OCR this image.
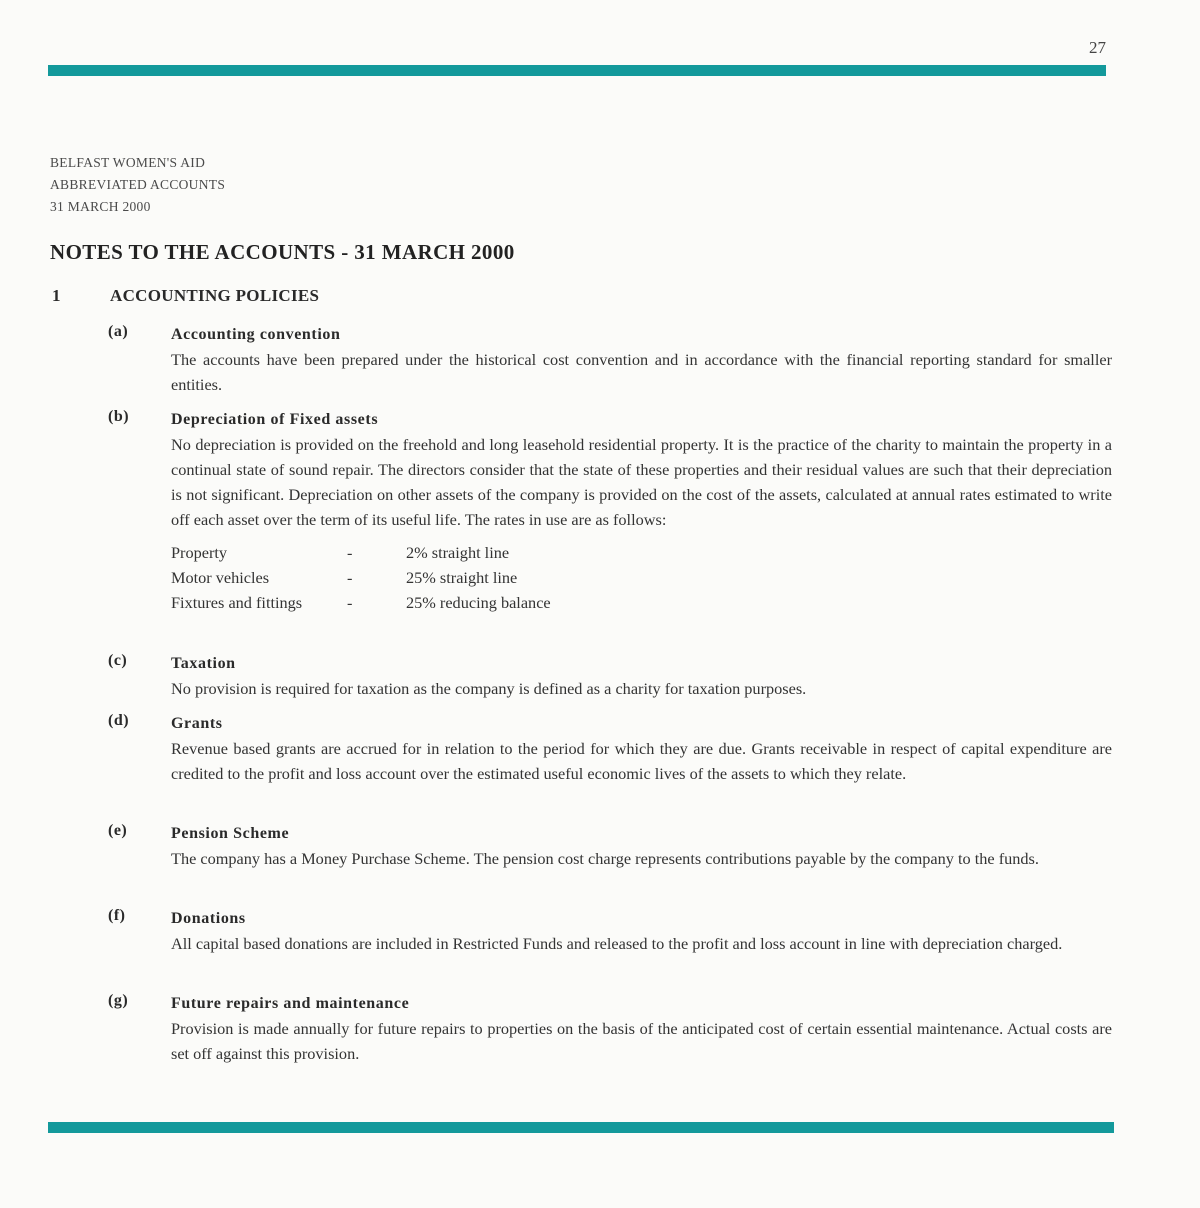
27
BELFAST WOMEN'S AID
ABBREVIATED ACCOUNTS
31 MARCH 2000
NOTES TO THE ACCOUNTS - 31 MARCH 2000
1	ACCOUNTING POLICIES
(a)	Accounting convention

The accounts have been prepared under the historical cost convention and in accordance with the financial reporting standard for smaller entities.

(b)	Depreciation of Fixed assets

No depreciation is provided on the freehold and long leasehold residential property. It is the practice of the charity to maintain the property in a continual state of sound repair. The directors consider that the state of these properties and their residual values are such that their depreciation is not significant. Depreciation on other assets of the company is provided on the cost of the assets, calculated at annual rates estimated to write off each asset over the term of its useful life. The rates in use are as follows:

Property	-	2% straight line
Motor vehicles	-	25% straight line
Fixtures and fittings	-	25% reducing balance
(c)	Taxation

No provision is required for taxation as the company is defined as a charity for taxation purposes.

(d)	Grants

Revenue based grants are accrued for in relation to the period for which they are due. Grants receivable in respect of capital expenditure are credited to the profit and loss account over the estimated useful economic lives of the assets to which they relate.

(e)	Pension Scheme

The company has a Money Purchase Scheme. The pension cost charge represents contributions payable by the company to the funds.

(f)	Donations

All capital based donations are included in Restricted Funds and released to the profit and loss account in line with depreciation charged.

(g)	Future repairs and maintenance

Provision is made annually for future repairs to properties on the basis of the anticipated cost of certain essential maintenance. Actual costs are set off against this provision.
